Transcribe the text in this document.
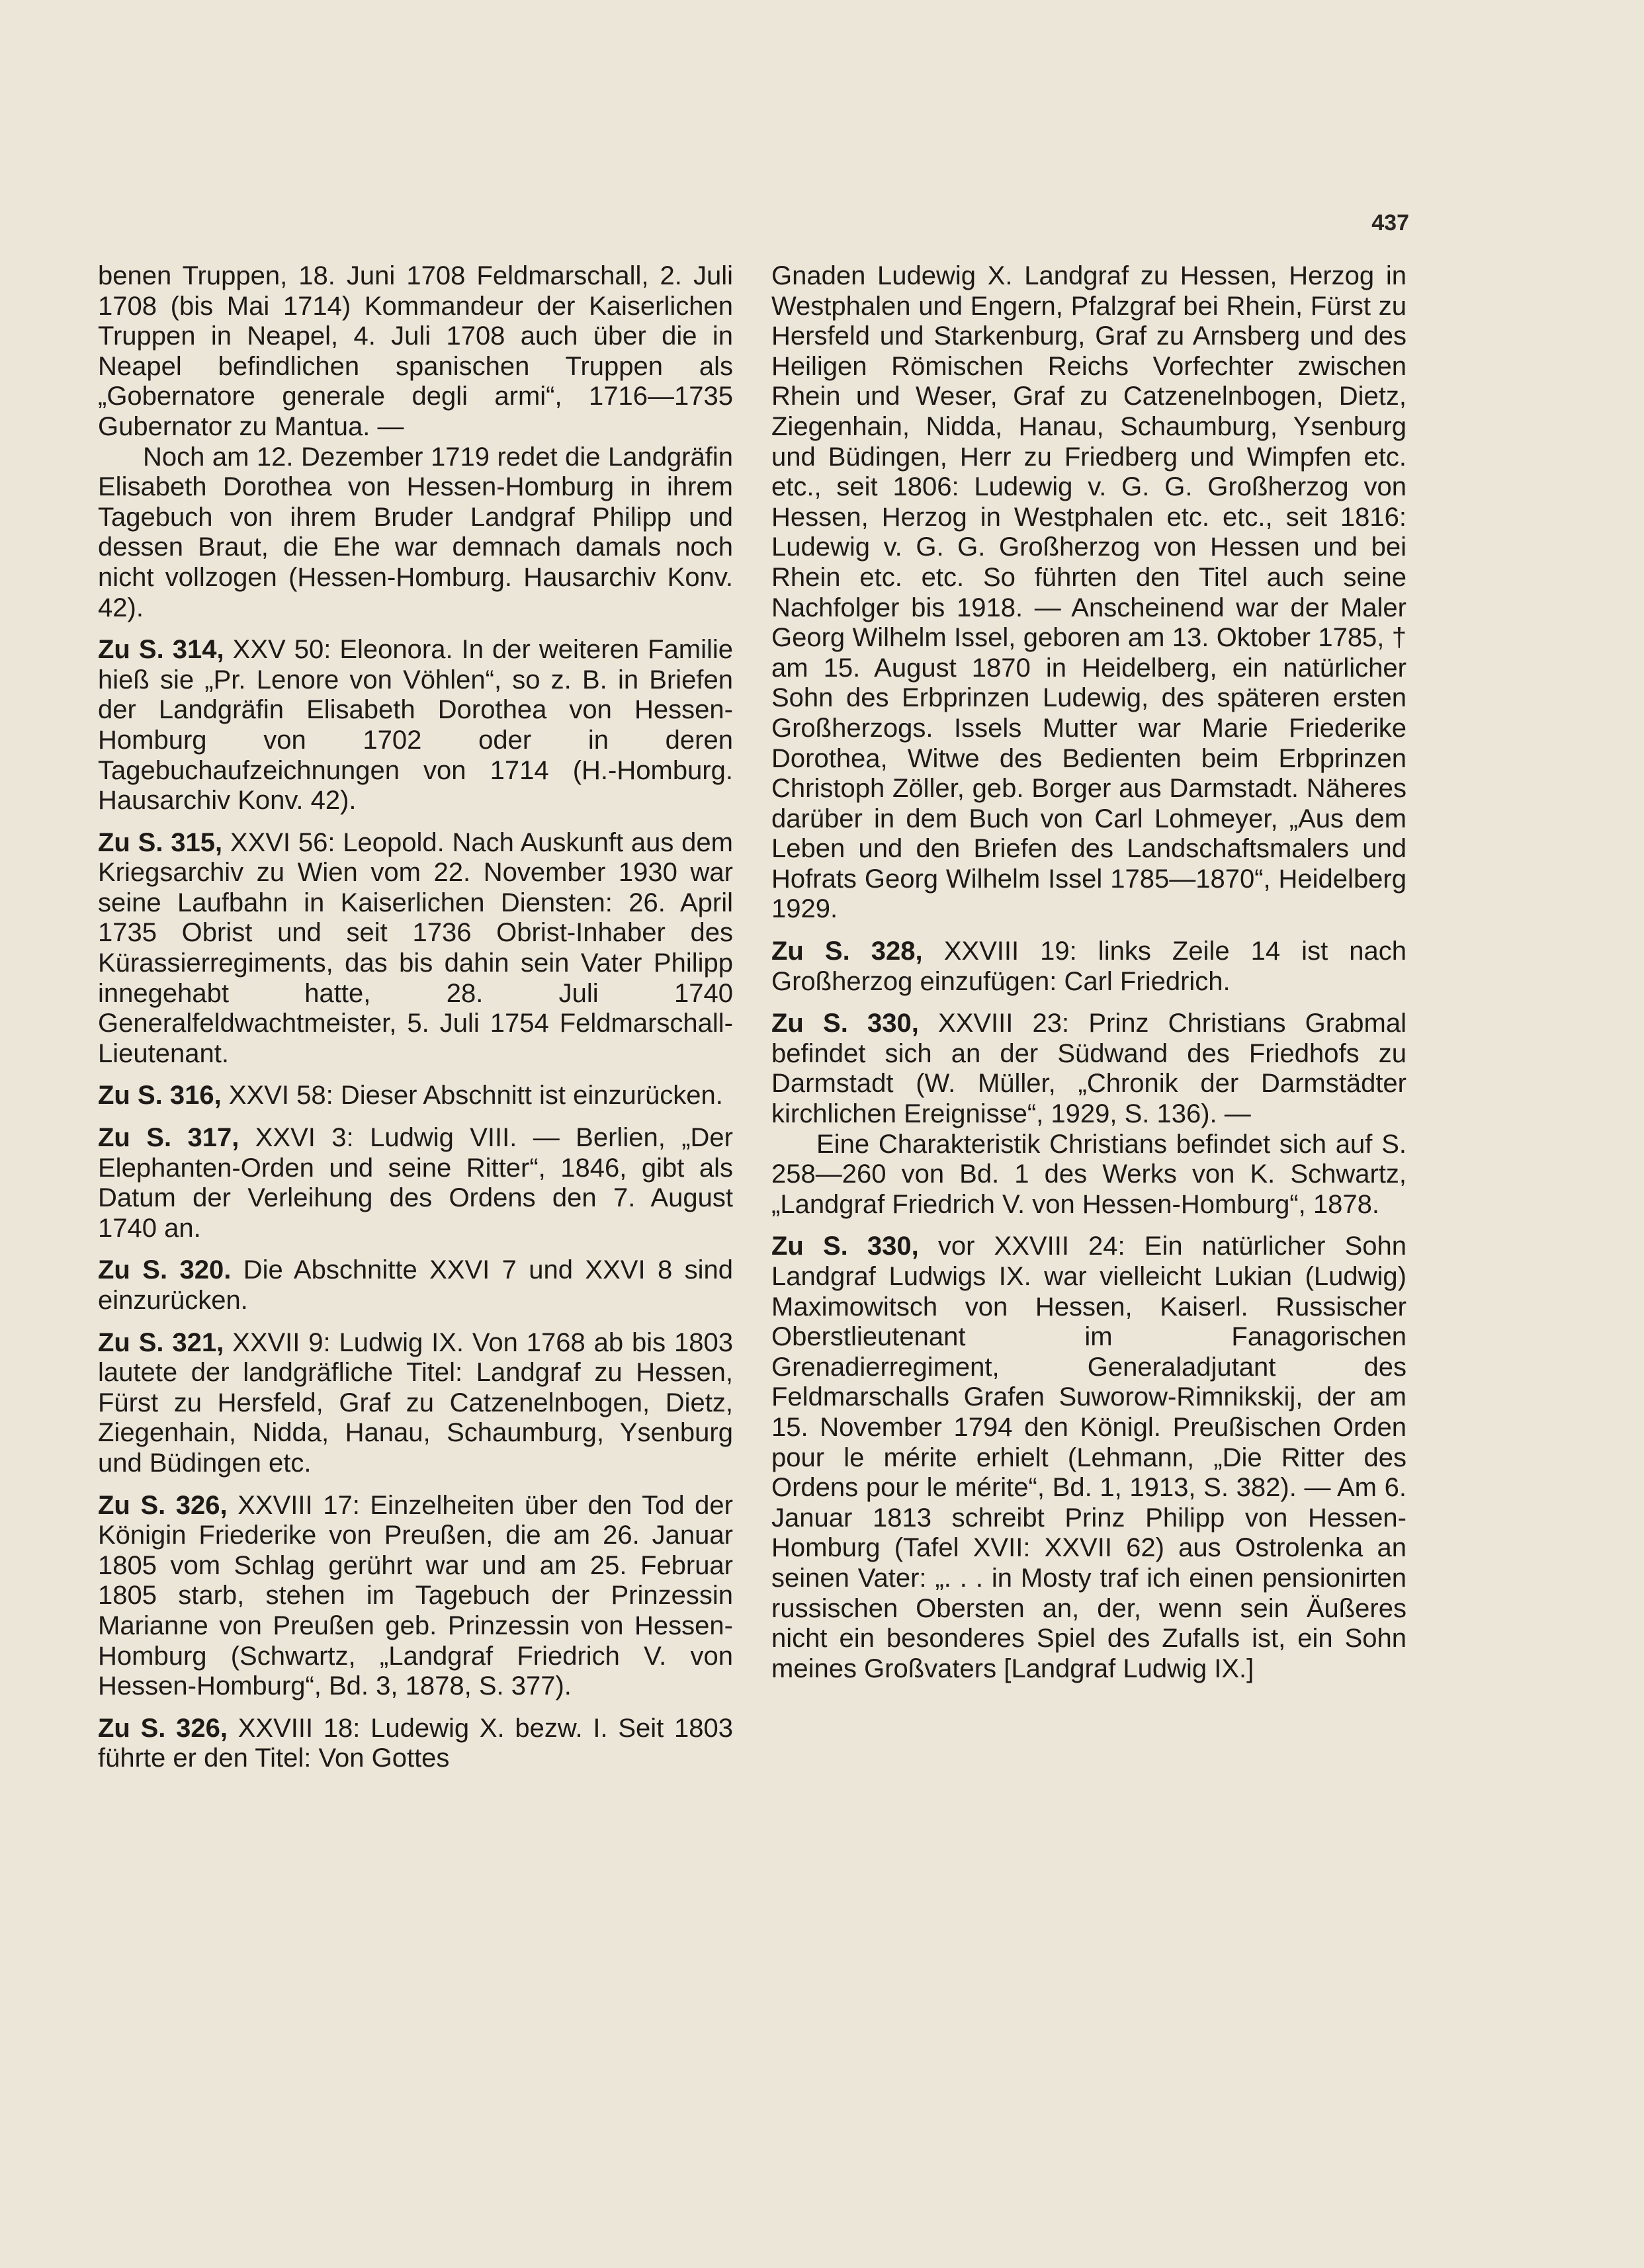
437

benen Truppen, 18. Juni 1708 Feldmarschall, 2. Juli 1708 (bis Mai 1714) Kommandeur der Kaiserlichen Truppen in Neapel, 4. Juli 1708 auch über die in Neapel befindlichen spanischen Truppen als „Gobernatore generale degli armi“, 1716—1735 Gubernator zu Mantua. —

Noch am 12. Dezember 1719 redet die Landgräfin Elisabeth Dorothea von Hessen-Homburg in ihrem Tagebuch von ihrem Bruder Landgraf Philipp und dessen Braut, die Ehe war demnach damals noch nicht vollzogen (Hessen-Homburg. Hausarchiv Konv. 42).

Zu S. 314, XXV 50: Eleonora. In der weiteren Familie hieß sie „Pr. Lenore von Vöhlen“, so z. B. in Briefen der Landgräfin Elisabeth Dorothea von Hessen-Homburg von 1702 oder in deren Tagebuchaufzeichnungen von 1714 (H.-Homburg. Hausarchiv Konv. 42).

Zu S. 315, XXVI 56: Leopold. Nach Auskunft aus dem Kriegsarchiv zu Wien vom 22. November 1930 war seine Laufbahn in Kaiserlichen Diensten: 26. April 1735 Obrist und seit 1736 Obrist-Inhaber des Kürassierregiments, das bis dahin sein Vater Philipp innegehabt hatte, 28. Juli 1740 Generalfeldwachtmeister, 5. Juli 1754 Feldmarschall-Lieutenant.

Zu S. 316, XXVI 58: Dieser Abschnitt ist einzurücken.

Zu S. 317, XXVI 3: Ludwig VIII. — Berlien, „Der Elephanten-Orden und seine Ritter“, 1846, gibt als Datum der Verleihung des Ordens den 7. August 1740 an.

Zu S. 320. Die Abschnitte XXVI 7 und XXVI 8 sind einzurücken.

Zu S. 321, XXVII 9: Ludwig IX. Von 1768 ab bis 1803 lautete der landgräfliche Titel: Landgraf zu Hessen, Fürst zu Hersfeld, Graf zu Catzenelnbogen, Dietz, Ziegenhain, Nidda, Hanau, Schaumburg, Ysenburg und Büdingen etc.

Zu S. 326, XXVIII 17: Einzelheiten über den Tod der Königin Friederike von Preußen, die am 26. Januar 1805 vom Schlag gerührt war und am 25. Februar 1805 starb, stehen im Tagebuch der Prinzessin Marianne von Preußen geb. Prinzessin von Hessen-Homburg (Schwartz, „Landgraf Friedrich V. von Hessen-Homburg“, Bd. 3, 1878, S. 377).

Zu S. 326, XXVIII 18: Ludewig X. bezw. I. Seit 1803 führte er den Titel: Von Gottes

Gnaden Ludewig X. Landgraf zu Hessen, Herzog in Westphalen und Engern, Pfalzgraf bei Rhein, Fürst zu Hersfeld und Starkenburg, Graf zu Arnsberg und des Heiligen Römischen Reichs Vorfechter zwischen Rhein und Weser, Graf zu Catzenelnbogen, Dietz, Ziegenhain, Nidda, Hanau, Schaumburg, Ysenburg und Büdingen, Herr zu Friedberg und Wimpfen etc. etc., seit 1806: Ludewig v. G. G. Großherzog von Hessen, Herzog in Westphalen etc. etc., seit 1816: Ludewig v. G. G. Großherzog von Hessen und bei Rhein etc. etc. So führten den Titel auch seine Nachfolger bis 1918. — Anscheinend war der Maler Georg Wilhelm Issel, geboren am 13. Oktober 1785, † am 15. August 1870 in Heidelberg, ein natürlicher Sohn des Erbprinzen Ludewig, des späteren ersten Großherzogs. Issels Mutter war Marie Friederike Dorothea, Witwe des Bedienten beim Erbprinzen Christoph Zöller, geb. Borger aus Darmstadt. Näheres darüber in dem Buch von Carl Lohmeyer, „Aus dem Leben und den Briefen des Landschaftsmalers und Hofrats Georg Wilhelm Issel 1785—1870“, Heidelberg 1929.

Zu S. 328, XXVIII 19: links Zeile 14 ist nach Großherzog einzufügen: Carl Friedrich.

Zu S. 330, XXVIII 23: Prinz Christians Grabmal befindet sich an der Südwand des Friedhofs zu Darmstadt (W. Müller, „Chronik der Darmstädter kirchlichen Ereignisse“, 1929, S. 136). —

Eine Charakteristik Christians befindet sich auf S. 258—260 von Bd. 1 des Werks von K. Schwartz, „Landgraf Friedrich V. von Hessen-Homburg“, 1878.

Zu S. 330, vor XXVIII 24: Ein natürlicher Sohn Landgraf Ludwigs IX. war vielleicht Lukian (Ludwig) Maximowitsch von Hessen, Kaiserl. Russischer Oberstlieutenant im Fanagorischen Grenadierregiment, Generaladjutant des Feldmarschalls Grafen Suworow-Rimnikskij, der am 15. November 1794 den Königl. Preußischen Orden pour le mérite erhielt (Lehmann, „Die Ritter des Ordens pour le mérite“, Bd. 1, 1913, S. 382). — Am 6. Januar 1813 schreibt Prinz Philipp von Hessen-Homburg (Tafel XVII: XXVII 62) aus Ostrolenka an seinen Vater: „. . . in Mosty traf ich einen pensionirten russischen Obersten an, der, wenn sein Äußeres nicht ein besonderes Spiel des Zufalls ist, ein Sohn meines Großvaters [Landgraf Ludwig IX.]
